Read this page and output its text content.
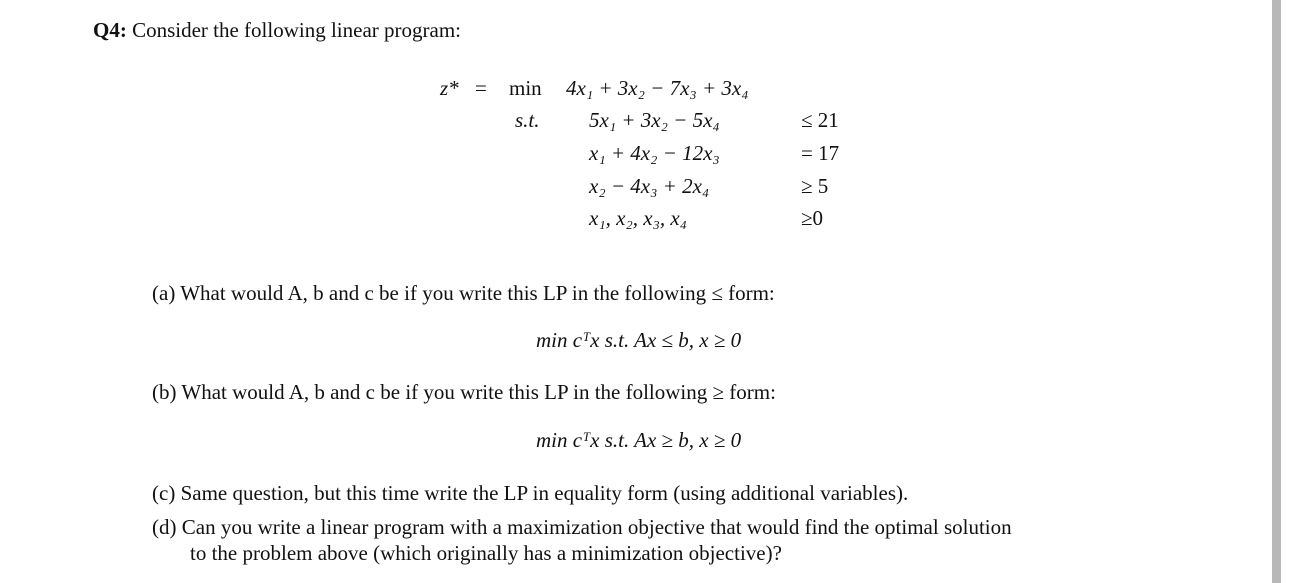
Q4: Consider the following linear program:
z* = min 4x₁ + 3x₂ − 7x₃ + 3x₄
s.t. 5x₁ + 3x₂ − 5x₄	≤ 21
x₁ + 4x₂ − 12x₃	= 17
x₂ − 4x₃ + 2x₄	≥ 5
x₁, x₂, x₃, x₄	≥0
(a) What would A, b and c be if you write this LP in the following ≤ form:
min cᵀx s.t. Ax ≤ b, x ≥ 0
(b) What would A, b and c be if you write this LP in the following ≥ form:
min cᵀx s.t. Ax ≥ b, x ≥ 0
(c) Same question, but this time write the LP in equality form (using additional variables).
(d) Can you write a linear program with a maximization objective that would find the optimal solution
to the problem above (which originally has a minimization objective)?
